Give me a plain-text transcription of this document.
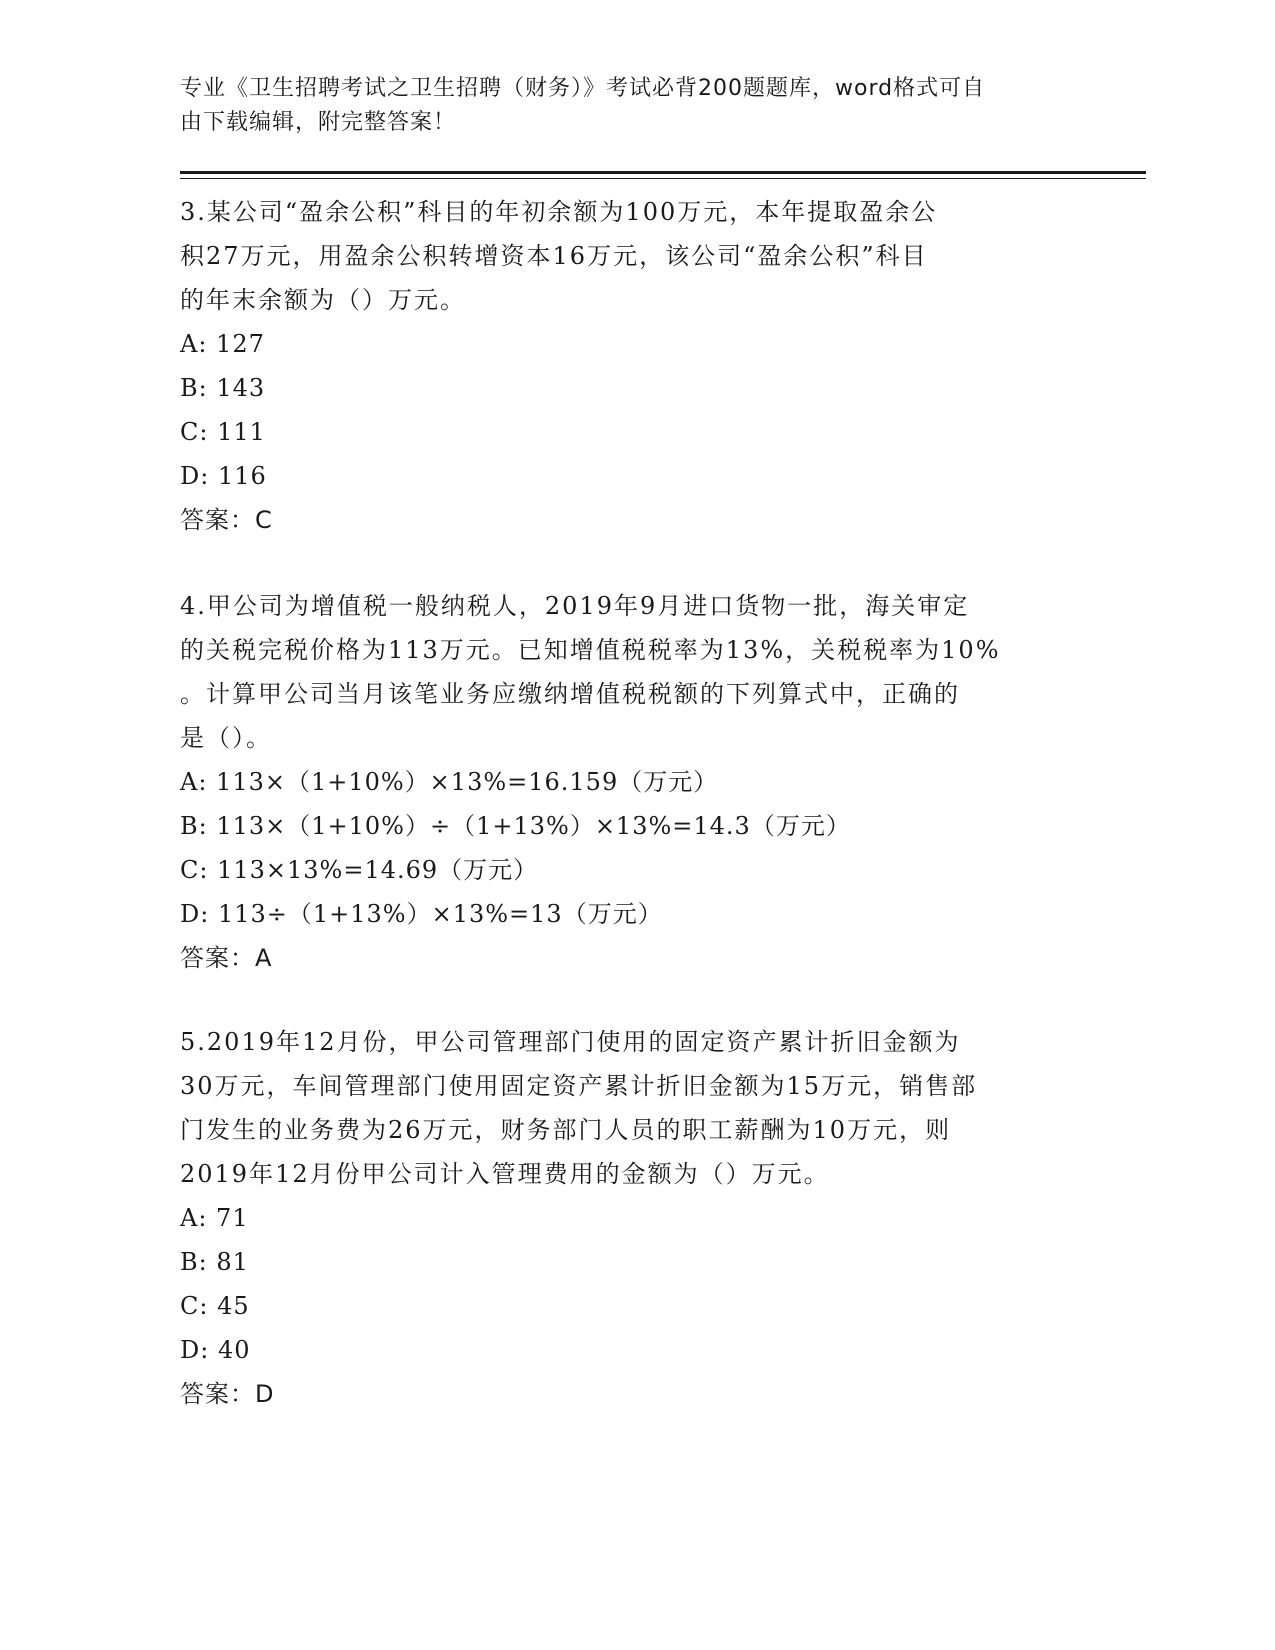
专业《卫生招聘考试之卫生招聘（财务）》考试必背200题题库，word格式可自
由下载编辑，附完整答案！

3.某公司“盈余公积”科目的年初余额为100万元，本年提取盈余公

积27万元，用盈余公积转增资本16万元，该公司“盈余公积”科目

的年末余额为（）万元。

A: 127

B: 143

C: 111

D: 116

答案：C

4.甲公司为增值税一般纳税人，2019年9月进口货物一批，海关审定

的关税完税价格为113万元。已知增值税税率为13%，关税税率为10%

。计算甲公司当月该笔业务应缴纳增值税税额的下列算式中，正确的

是（）。

A: 113×（1+10%）×13%=16.159（万元）

B: 113×（1+10%）÷（1+13%）×13%=14.3（万元）

C: 113×13%=14.69（万元）

D: 113÷（1+13%）×13%=13（万元）

答案：A

5.2019年12月份，甲公司管理部门使用的固定资产累计折旧金额为

30万元，车间管理部门使用固定资产累计折旧金额为15万元，销售部

门发生的业务费为26万元，财务部门人员的职工薪酬为10万元，则

2019年12月份甲公司计入管理费用的金额为（）万元。

A: 71

B: 81

C: 45

D: 40

答案：D
